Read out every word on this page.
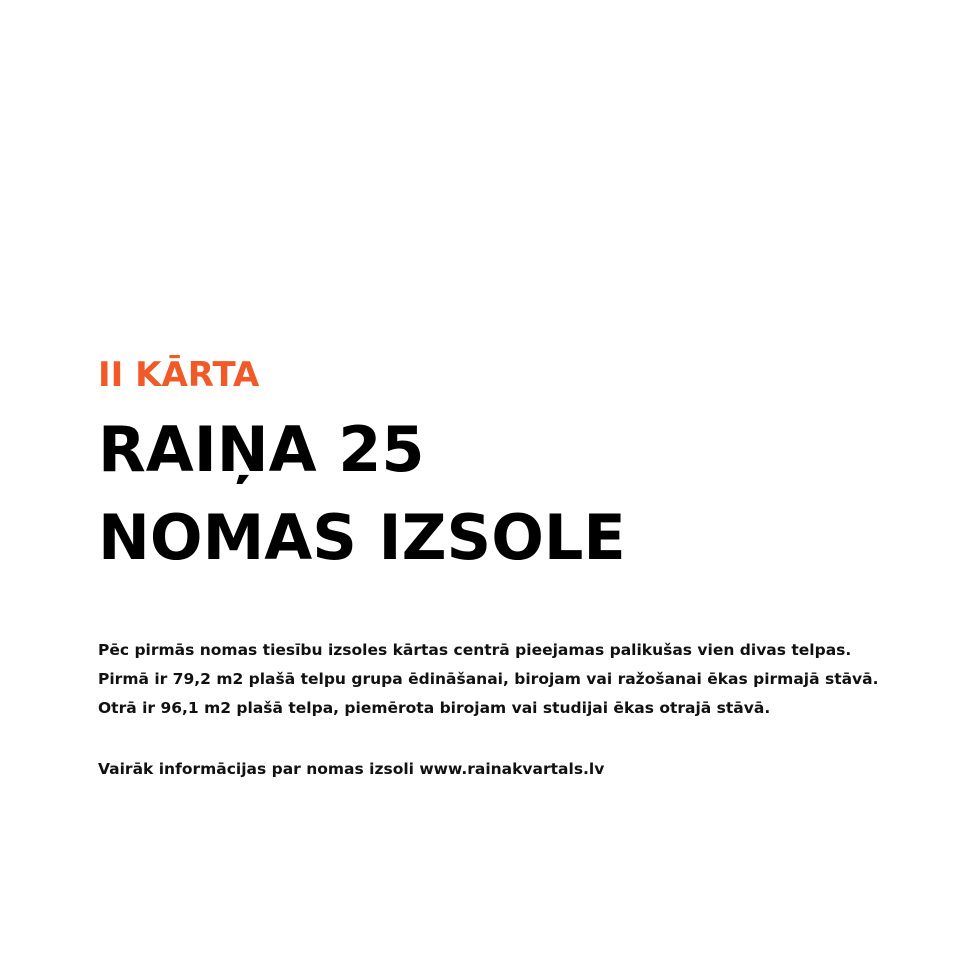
II KĀRTA
RAIŅA 25
NOMAS IZSOLE

Pēc pirmās nomas tiesību izsoles kārtas centrā pieejamas palikušas vien divas telpas.

Pirmā ir 79,2 m2 plašā telpu grupa ēdināšanai, birojam vai ražošanai ēkas pirmajā stāvā.

Otrā ir 96,1 m2 plašā telpa, piemērota birojam vai studijai ēkas otrajā stāvā.

Vairāk informācijas par nomas izsoli www.rainakvartals.lv
